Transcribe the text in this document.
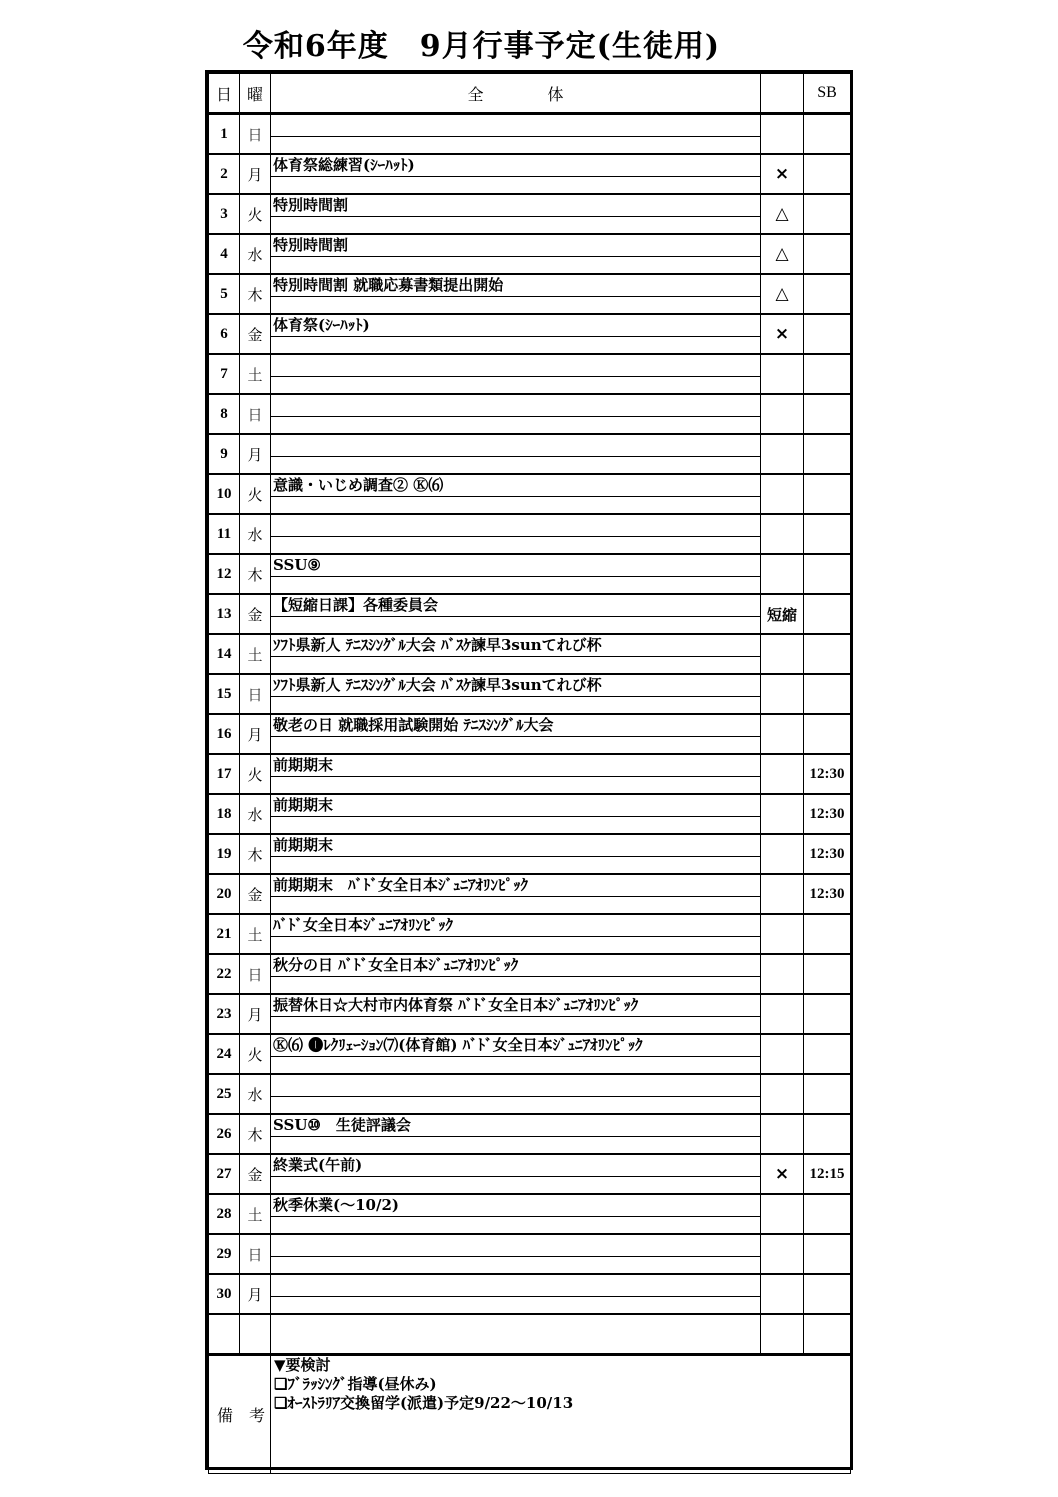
令和6年度　9月行事予定(生徒用)
日	曜	全　　　　体		SB
1	日	

2	月	体育祭総練習(ｼｰﾊｯﾄ)	×	
3	火	特別時間割	△	
4	水	特別時間割	△	
5	木	特別時間割 就職応募書類提出開始	△	
6	金	体育祭(ｼｰﾊｯﾄ)	×	
7	土	

8	日	

9	月	

10	火	意識・いじめ調査② Ⓚ⑹

11	水	

12	木	SSU⑨

13	金	【短縮日課】各種委員会	短縮	
14	土	ｿﾌﾄ県新人 ﾃﾆｽｼﾝｸﾞﾙ大会 ﾊﾞｽｹ諫早3sunてれび杯

15	日	ｿﾌﾄ県新人 ﾃﾆｽｼﾝｸﾞﾙ大会 ﾊﾞｽｹ諫早3sunてれび杯

16	月	敬老の日 就職採用試験開始 ﾃﾆｽｼﾝｸﾞﾙ大会

17	火	前期期末		12:30
18	水	前期期末		12:30
19	木	前期期末		12:30
20	金	前期期末　ﾊﾞﾄﾞ女全日本ｼﾞｭﾆｱｵﾘﾝﾋﾟｯｸ		12:30
21	土	ﾊﾞﾄﾞ女全日本ｼﾞｭﾆｱｵﾘﾝﾋﾟｯｸ

22	日	秋分の日 ﾊﾞﾄﾞ女全日本ｼﾞｭﾆｱｵﾘﾝﾋﾟｯｸ

23	月	振替休日☆大村市内体育祭 ﾊﾞﾄﾞ女全日本ｼﾞｭﾆｱｵﾘﾝﾋﾟｯｸ

24	火	Ⓚ⑹ ❶ﾚｸﾘｪｰｼｮﾝ⑺(体育館) ﾊﾞﾄﾞ女全日本ｼﾞｭﾆｱｵﾘﾝﾋﾟｯｸ

25	水	

26	木	SSU⑩　生徒評議会

27	金	終業式(午前)	×	12:15
28	土	秋季休業(～10/2)

29	日	

30	月	

備 考		▼要検討
❏ﾌﾞﾗｯｼﾝｸﾞ指導(昼休み)
❏ｵｰｽﾄﾗﾘｱ交換留学(派遣)予定9/22～10/13		
